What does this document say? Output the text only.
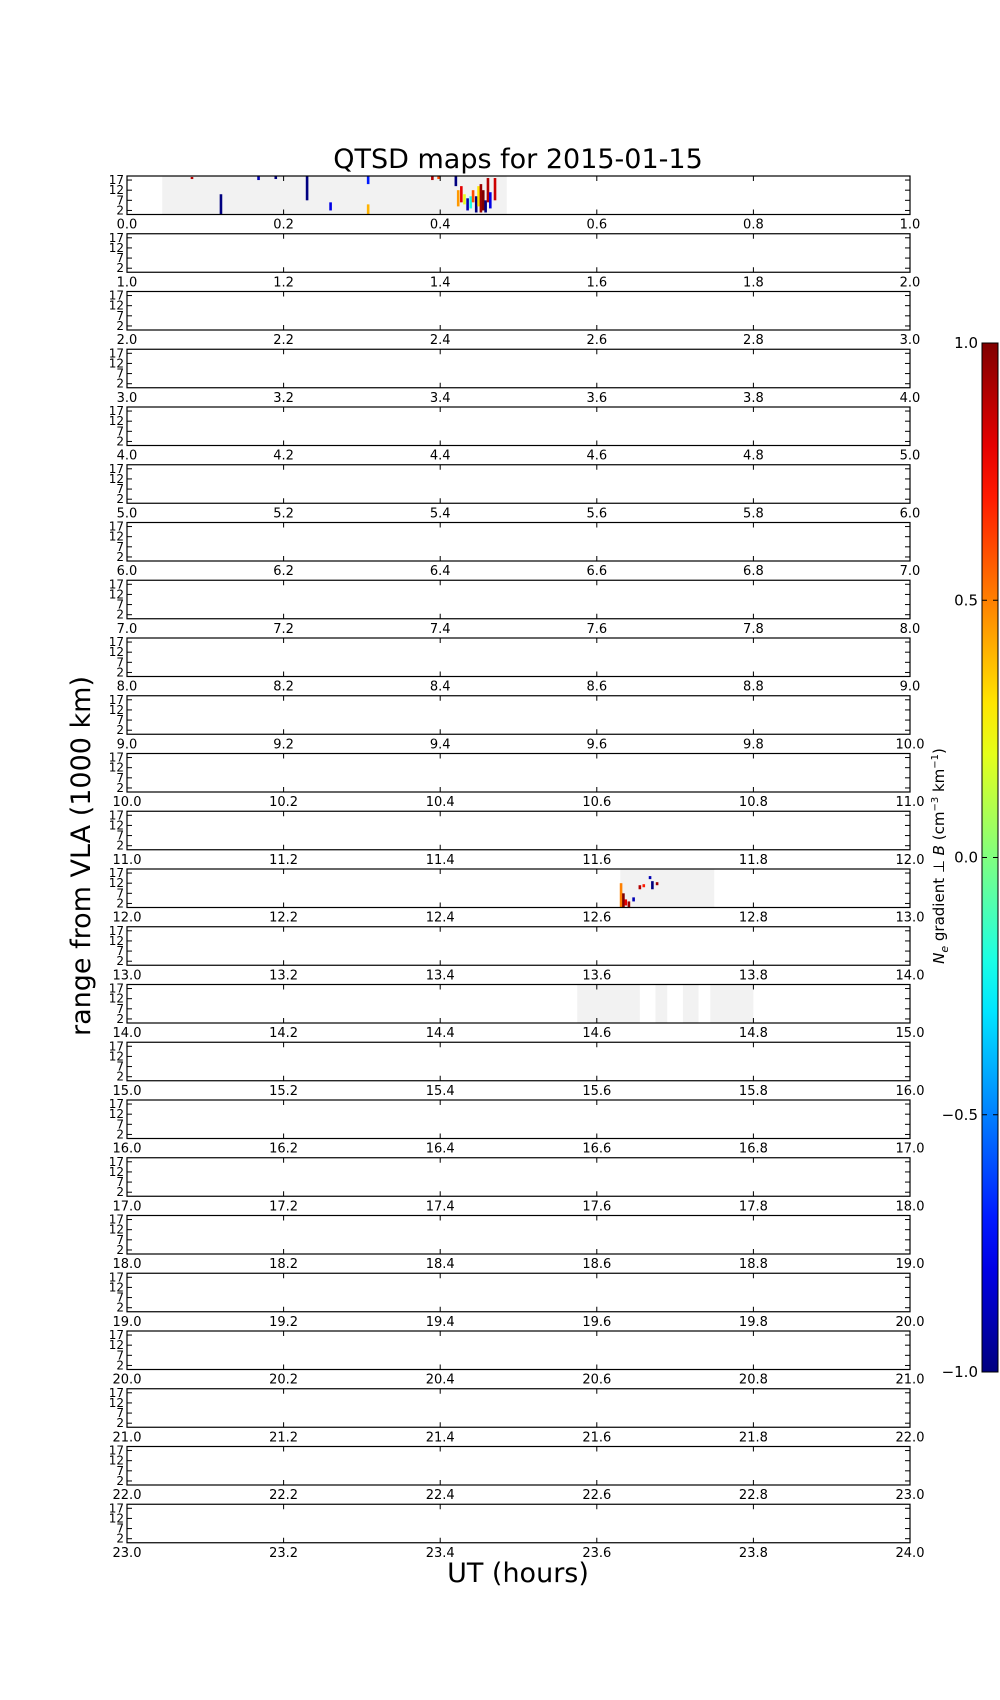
QTSD maps for 2015-01-15
17
12
7
2
0.0	0.2	0.4	0.6	0.8	1.0
17
12
7
2
1.0	1.2	1.4	1.6	1.8	2.0
17
12
7
2
2.0	2.2	2.4	2.6	2.8	3.0
17
12
7
2
3.0	3.2	3.4	3.6	3.8	4.0
17
12
7
2
4.0	4.2	4.4	4.6	4.8	5.0
17
12
7
2
5.0	5.2	5.4	5.6	5.8	6.0
17
12
7
2
6.0	6.2	6.4	6.6	6.8	7.0
17
12
7
2
7.0	7.2	7.4	7.6	7.8	8.0
17
12
7
2
8.0	8.2	8.4	8.6	8.8	9.0
17
12
7
2
9.0	9.2	9.4	9.6	9.8	10.0
17
12
7
2
10.0	10.2	10.4	10.6	10.8	11.0
17
12
7
2
11.0	11.2	11.4	11.6	11.8	12.0
17
12
7
2
12.0	12.2	12.4	12.6	12.8	13.0
17
12
7
2
13.0	13.2	13.4	13.6	13.8	14.0
17
12
7
2
14.0	14.2	14.4	14.6	14.8	15.0
17
12
7
2
15.0	15.2	15.4	15.6	15.8	16.0
17
12
7
2
16.0	16.2	16.4	16.6	16.8	17.0
17
12
7
2
17.0	17.2	17.4	17.6	17.8	18.0
17
12
7
2
18.0	18.2	18.4	18.6	18.8	19.0
17
12
7
2
19.0	19.2	19.4	19.6	19.8	20.0
17
12
7
2
20.0	20.2	20.4	20.6	20.8	21.0
17
12
7
2
21.0	21.2	21.4	21.6	21.8	22.0
17
12
7
2
22.0	22.2	22.4	22.6	22.8	23.0
17
12
7
2
23.0	23.2	23.4	23.6	23.8	24.0
range from VLA (1000 km)
UT (hours)
1.0
0.5
0.0
−0.5
−1.0
$N_e$ gradient ⊥ B ($cm^{-3}$ $km^{-1}$)
